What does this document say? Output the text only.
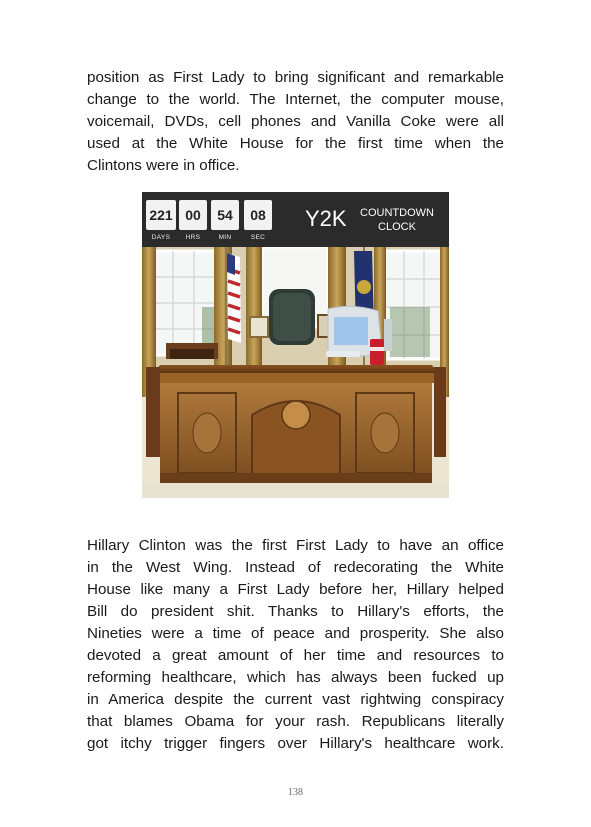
position as First Lady to bring significant and remarkable
change to the world. The Internet, the computer mouse,
voicemail, DVDs, cell phones and Vanilla Coke were all
used at the White House for the first time when the
Clintons were in office.

221
DAYS
00
HRS
54
MIN
08
SEC
Y2K	COUNTDOWN
CLOCK

Hillary Clinton was the first First Lady to have an office
in the West Wing. Instead of redecorating the White
House like many a First Lady before her, Hillary helped
Bill do president shit. Thanks to Hillary's efforts, the
Nineties were a time of peace and prosperity. She also
devoted a great amount of her time and resources to
reforming healthcare, which has always been fucked up
in America despite the current vast rightwing conspiracy
that blames Obama for your rash. Republicans literally
got itchy trigger fingers over Hillary's healthcare work.

138
